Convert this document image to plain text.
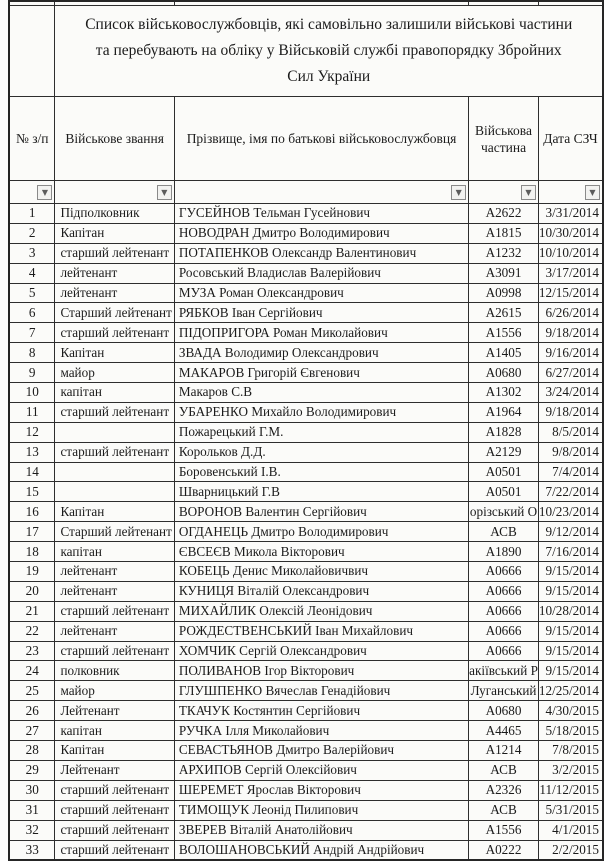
	Список військовослужбовців, які самовільно залишили військові частини та перебувають на обліку у Військовій службі правопорядку Збройних Сил України			
№ з/п	Військове звання	Прізвище, імя по батькові військовослужбовця	Військова частина	Дата СЗЧ

▼	▼	▼	▼	▼

1	Підполковник	ГУСЕЙНОВ Тельман Гусейнович	А2622	3/31/2014
2	Капітан	НОВОДРАН Дмитро Володимирович	А1815	10/30/2014
3	старший лейтенант	ПОТАПЕНКОВ Олександр Валентинович	А1232	10/10/2014
4	лейтенант	Росовський Владислав Валерійович	А3091	3/17/2014
5	лейтенант	МУЗА Роман Олександрович	А0998	12/15/2014
6	Старший лейтенант	РЯБКОВ Іван Сергійович	А2615	6/26/2014
7	старший лейтенант	ПІДОПРИГОРА Роман Миколайович	А1556	9/18/2014
8	Капітан	ЗВАДА Володимир Олександрович	А1405	9/16/2014
9	майор	МАКАРОВ Григорій Євгенович	А0680	6/27/2014
10	капітан	Макаров С.В	А1302	3/24/2014
11	старший лейтенант	УБАРЕНКО Михайло Володимирович	А1964	9/18/2014
12		Пожарецький Г.М.	А1828	8/5/2014
13	старший лейтенант	Корольков Д.Д.	А2129	9/8/2014
14		Боровенський І.В.	А0501	7/4/2014
15		Шварницький Г.В	А0501	7/22/2014
16	Капітан	ВОРОНОВ Валентин Сергійович	орізський О	10/23/2014
17	Старший лейтенант	ОГДАНЕЦЬ Дмитро Володимирович	АСВ	9/12/2014
18	капітан	ЄВСЕЄВ Микола Вікторович	А1890	7/16/2014
19	лейтенант	КОБЕЦЬ Денис Миколайовичвич	А0666	9/15/2014
20	лейтенант	КУНИЦЯ Віталій Олександрович	А0666	9/15/2014
21	старший лейтенант	МИХАЙЛИК Олексій Леонідович	А0666	10/28/2014
22	лейтенант	РОЖДЕСТВЕНСЬКИЙ Іван Михайлович	А0666	9/15/2014
23	старший лейтенант	ХОМЧИК Сергій Олександрович	А0666	9/15/2014
24	полковник	ПОЛИВАНОВ Ігор Вікторович	акіївський Р	9/15/2014
25	майор	ГЛУШПЕНКО Вячеслав Генадійович	Луганський	12/25/2014
26	Лейтенант	ТКАЧУК Костянтин Сергійович	А0680	4/30/2015
27	капітан	РУЧКА Ілля Миколайович	А4465	5/18/2015
28	Капітан	СЕВАСТЬЯНОВ Дмитро Валерійович	А1214	7/8/2015
29	Лейтенант	АРХИПОВ Сергій Олексійович	АСВ	3/2/2015
30	старший лейтенант	ШЕРЕМЕТ Ярослав Вікторович	А2326	11/12/2015
31	старший лейтенант	ТИМОЩУК Леонід Пилипович	АСВ	5/31/2015
32	старший лейтенант	ЗВЕРЕВ Віталій Анатолійович	А1556	4/1/2015
33	старший лейтенант	ВОЛОШАНОВСЬКИЙ Андрій Андрійович	А0222	2/2/2015
